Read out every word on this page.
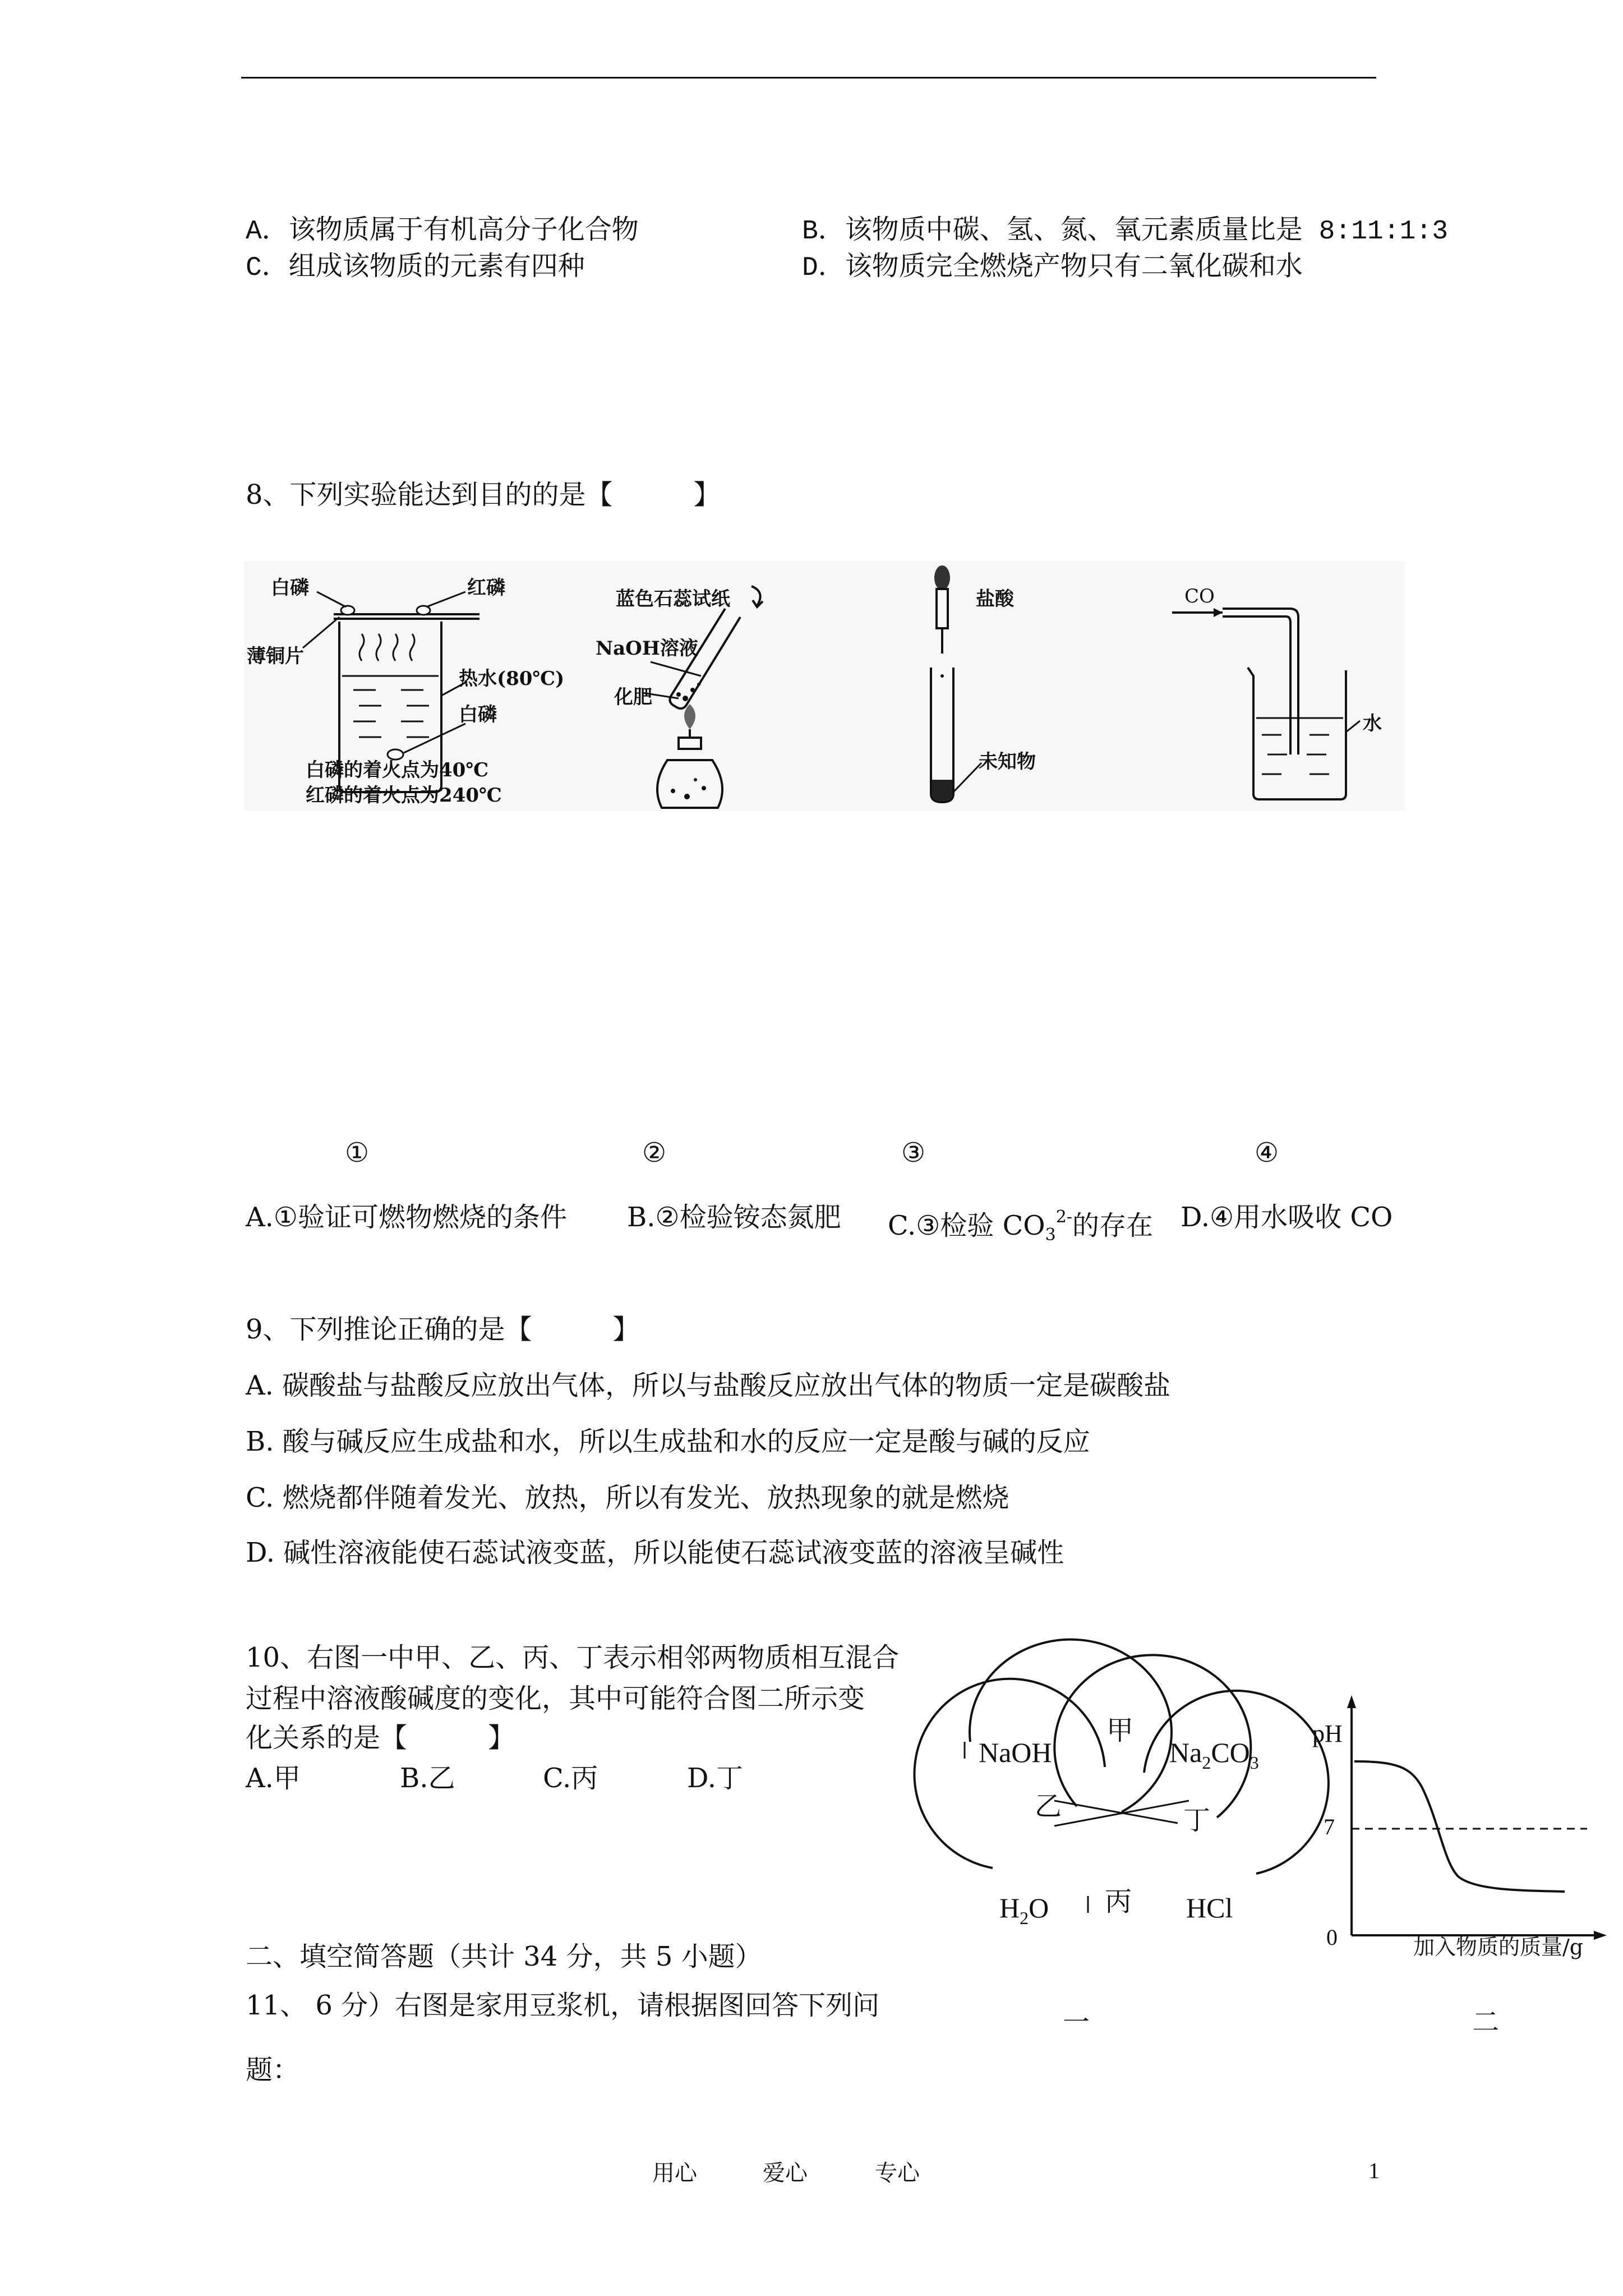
A．该物质属于有机高分子化合物	B．该物质中碳、氢、氮、氧元素质量比是 8:11:1:3
C．组成该物质的元素有四种	D．该物质完全燃烧产物只有二氧化碳和水
8、下列实验能达到目的的是【　　　】
白磷	红磷
薄铜片
热水(80℃)
白磷
白磷的着火点为40℃
红磷的着火点为240℃
蓝色石蕊试纸
NaOH溶液
化肥
盐酸
未知物
CO
水
①	②	③	④
A.①验证可燃物燃烧的条件 B.②检验铵态氮肥 C.③检验 $CO_3^{2-}$的存在 D.④用水吸收 CO
9、下列推论正确的是【　　　】
A. 碳酸盐与盐酸反应放出气体，所以与盐酸反应放出气体的物质一定是碳酸盐
B. 酸与碱反应生成盐和水，所以生成盐和水的反应一定是酸与碱的反应
C. 燃烧都伴随着发光、放热，所以有发光、放热现象的就是燃烧
D. 碱性溶液能使石蕊试液变蓝，所以能使石蕊试液变蓝的溶液呈碱性
10、右图一中甲、乙、丙、丁表示相邻两物质相互混合
过程中溶液酸碱度的变化，其中可能符合图二所示变
化关系的是【　　　】
A.甲	B.乙	C.丙	D.丁
NaOH	$Na_2CO_3$
$H_2O$	HCl
甲
乙
丙
丁
一
pH
7
0	加入物质的质量/g
二
二、填空简答题（共计 34 分，共 5 小题）
11、 6 分）右图是家用豆浆机，请根据图回答下列问
题：
用心	爱心	专心	1
